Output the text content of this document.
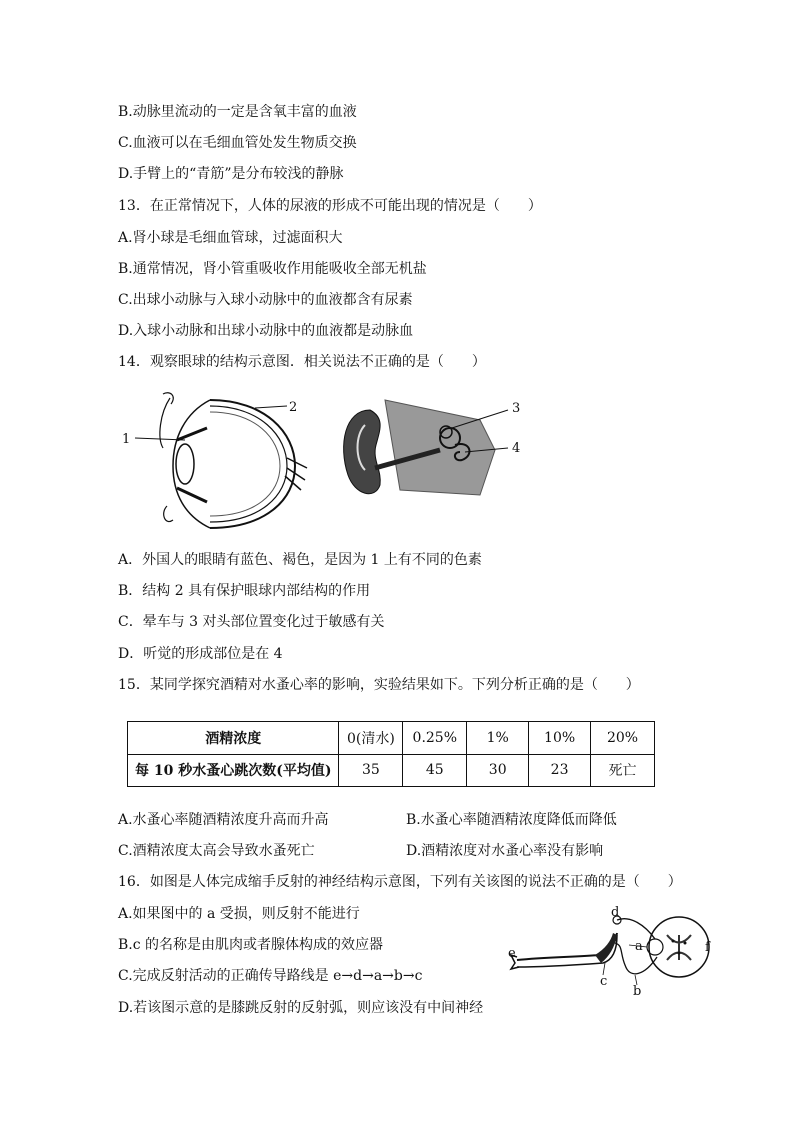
B.动脉里流动的一定是含氧丰富的血液
C.血液可以在毛细血管处发生物质交换
D.手臂上的“青筋”是分布较浅的静脉
13．在正常情况下，人体的尿液的形成不可能出现的情况是（　　）
A.肾小球是毛细血管球，过滤面积大
B.通常情况，肾小管重吸收作用能吸收全部无机盐
C.出球小动脉与入球小动脉中的血液都含有尿素
D.入球小动脉和出球小动脉中的血液都是动脉血
14．观察眼球的结构示意图．相关说法不正确的是（　　）
1
2	3
4
A．外国人的眼睛有蓝色、褐色，是因为 1 上有不同的色素
B．结构 2 具有保护眼球内部结构的作用
C．晕车与 3 对头部位置变化过于敏感有关
D．听觉的形成部位是在 4
15．某同学探究酒精对水蚤心率的影响，实验结果如下。下列分析正确的是（　　）
酒精浓度	0(清水)	0.25%	1%	10%	20%
每 10 秒水蚤心跳次数(平均值)	35	45	30	23	死亡
A.水蚤心率随酒精浓度升高而升高	B.水蚤心率随酒精浓度降低而降低
C.酒精浓度太高会导致水蚤死亡	D.酒精浓度对水蚤心率没有影响
16．如图是人体完成缩手反射的神经结构示意图，下列有关该图的说法不正确的是（　　）
A.如果图中的 a 受损，则反射不能进行
B.c 的名称是由肌肉或者腺体构成的效应器
C.完成反射活动的正确传导路线是 e→d→a→b→c
D.若该图示意的是膝跳反射的反射弧，则应该没有中间神经
d
a	f
e
c
b
